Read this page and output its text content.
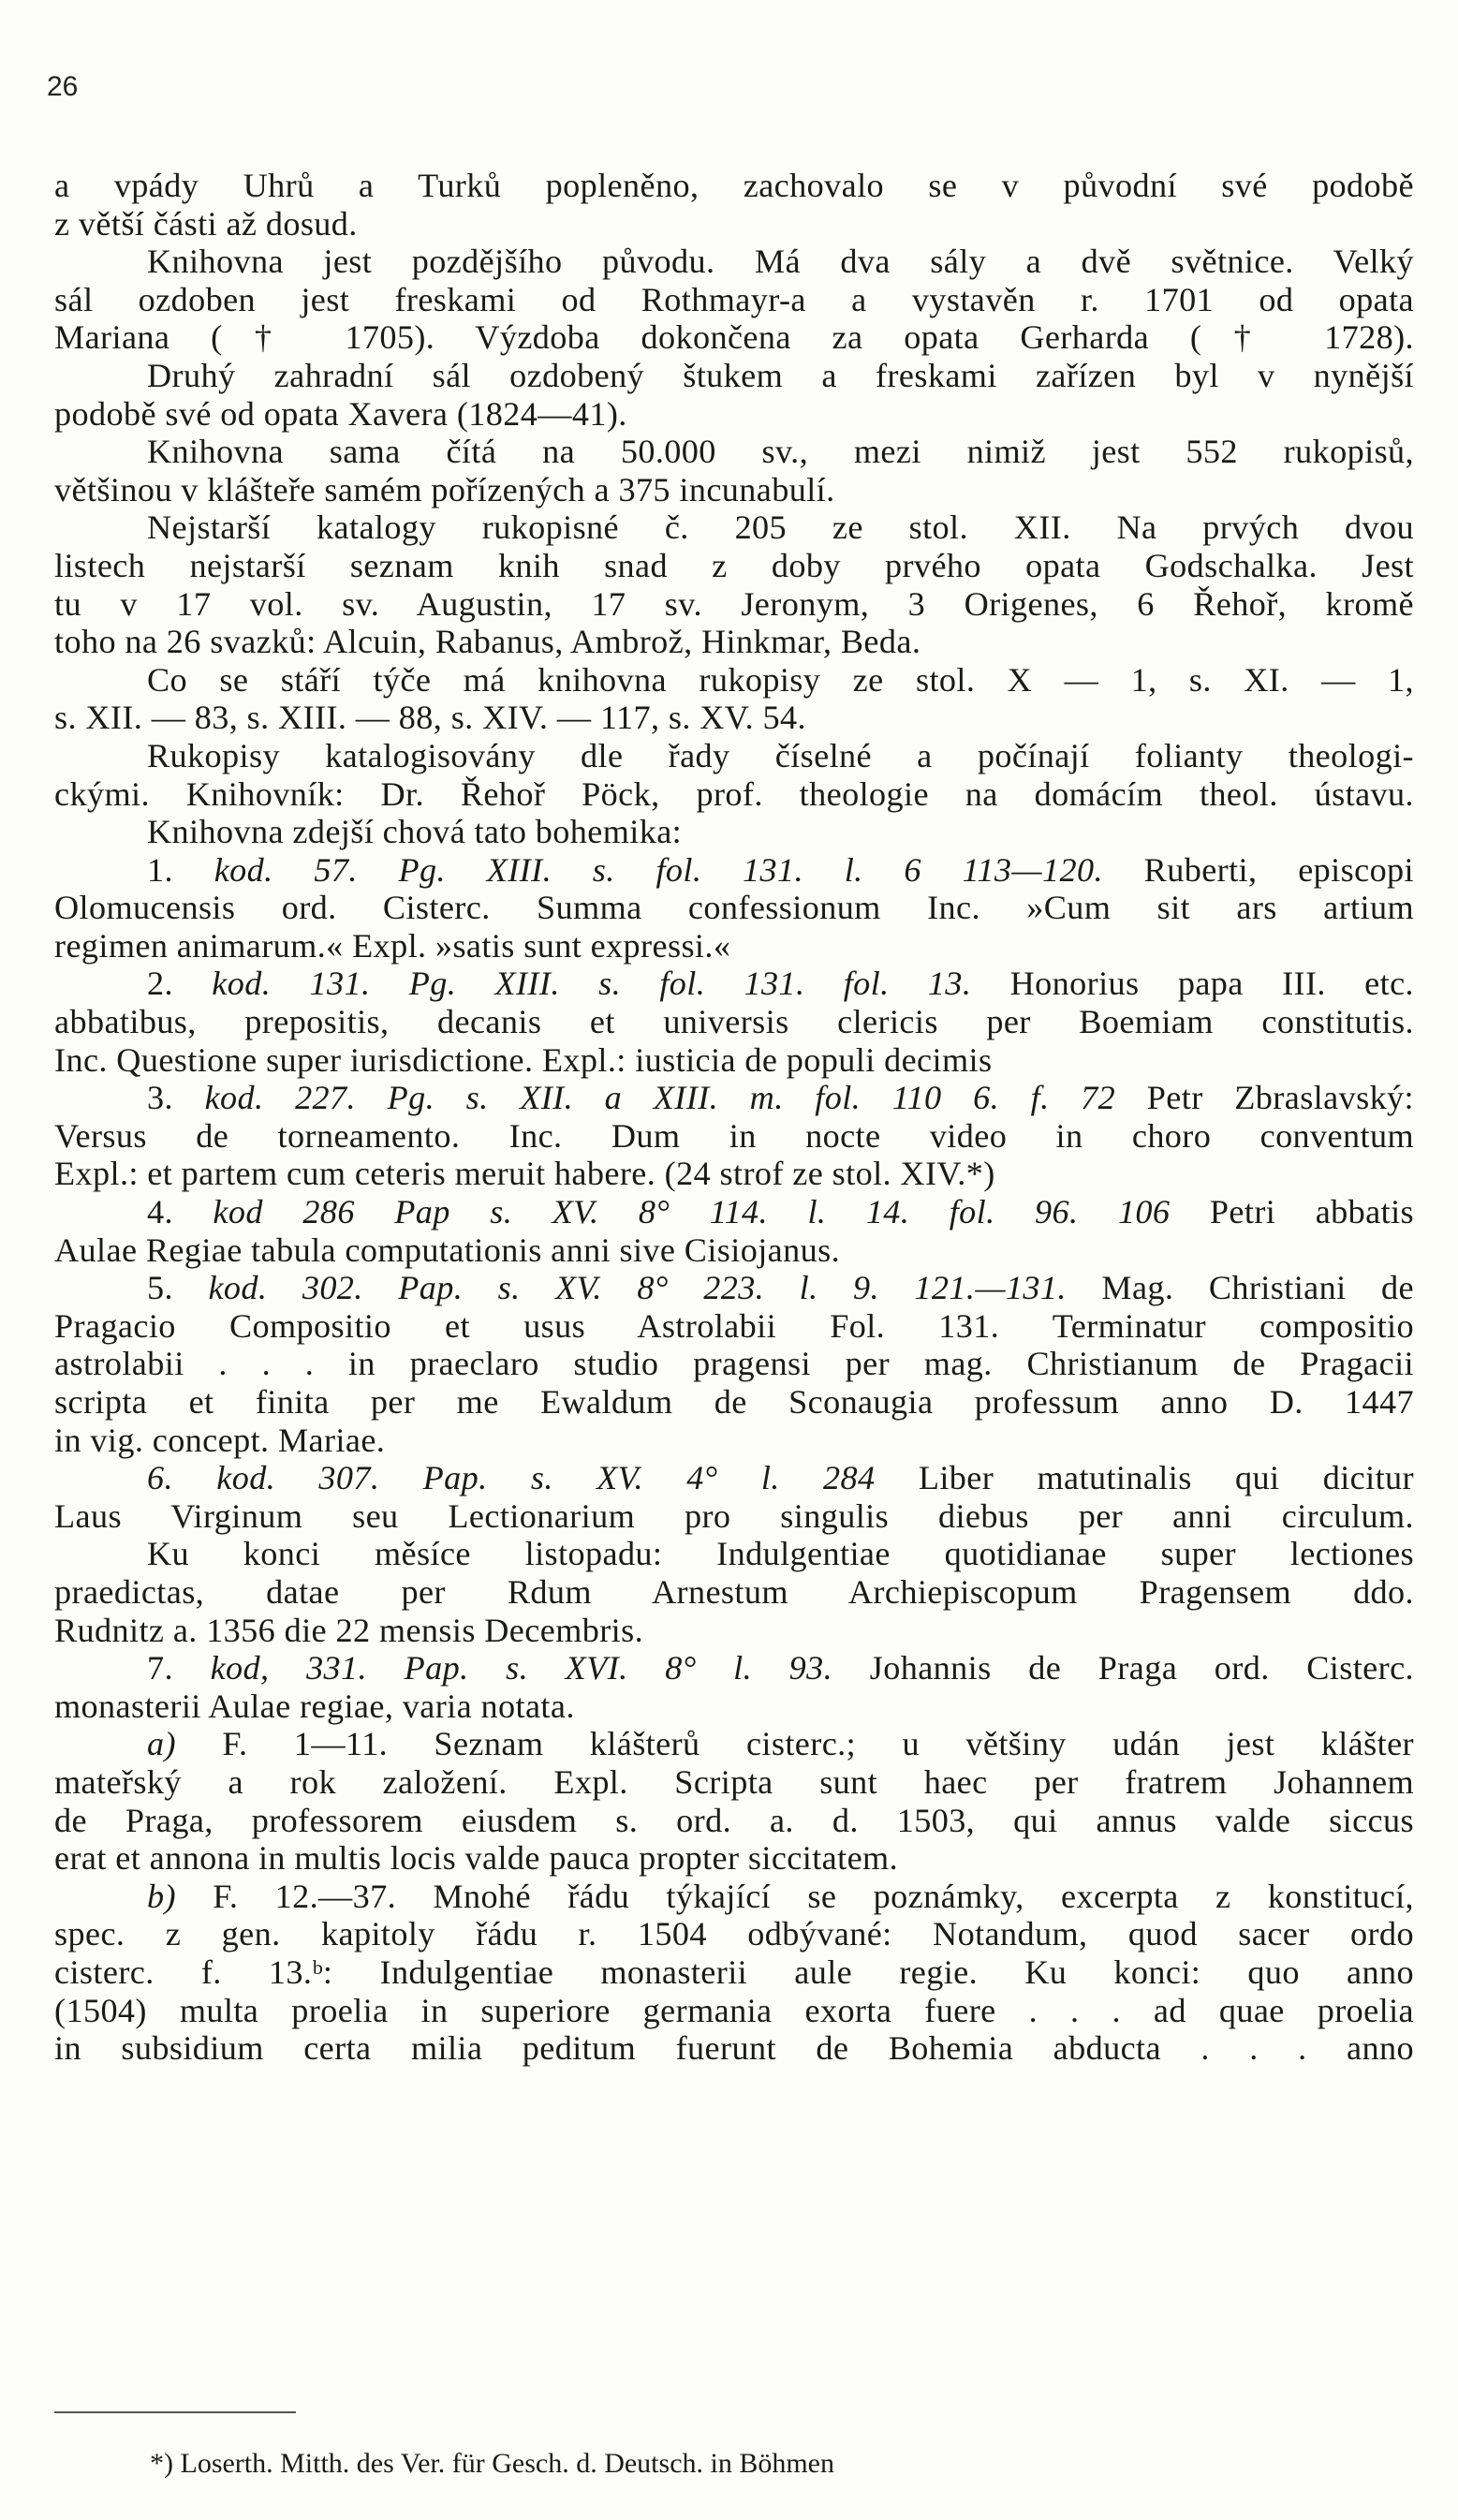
26
a vpády Uhrů a Turků popleněno, zachovalo se v původní své podobě
z větší části až dosud.
Knihovna jest pozdějšího původu. Má dva sály a dvě světnice. Velký
sál ozdoben jest freskami od Rothmayr-a a vystavěn r. 1701 od opata
Mariana († 1705). Výzdoba dokončena za opata Gerharda († 1728).
Druhý zahradní sál ozdobený štukem a freskami zařízen byl v nynější
podobě své od opata Xavera (1824—41).
Knihovna sama čítá na 50.000 sv., mezi nimiž jest 552 rukopisů,
většinou v klášteře samém pořízených a 375 incunabulí.
Nejstarší katalogy rukopisné č. 205 ze stol. XII. Na prvých dvou
listech nejstarší seznam knih snad z doby prvého opata Godschalka. Jest
tu v 17 vol. sv. Augustin, 17 sv. Jeronym, 3 Origenes, 6 Řehoř, kromě
toho na 26 svazků: Alcuin, Rabanus, Ambrož, Hinkmar, Beda.
Co se stáří týče má knihovna rukopisy ze stol. X — 1, s. XI. — 1,
s. XII. — 83, s. XIII. — 88, s. XIV. — 117, s. XV. 54.
Rukopisy katalogisovány dle řady číselné a počínají folianty theologi-
ckými. Knihovník: Dr. Řehoř Pöck, prof. theologie na domácím theol. ústavu.
Knihovna zdejší chová tato bohemika:
1. kod. 57. Pg. XIII. s. fol. 131. l. 6 113—120. Ruberti, episcopi
Olomucensis ord. Cisterc. Summa confessionum Inc. »Cum sit ars artium
regimen animarum.« Expl. »satis sunt expressi.«
2. kod. 131. Pg. XIII. s. fol. 131. fol. 13. Honorius papa III. etc.
abbatibus, prepositis, decanis et universis clericis per Boemiam constitutis.
Inc. Questione super iurisdictione. Expl.: iusticia de populi decimis
3. kod. 227. Pg. s. XII. a XIII. m. fol. 110 6. f. 72 Petr Zbraslavský:
Versus de torneamento. Inc. Dum in nocte video in choro conventum
Expl.: et partem cum ceteris meruit habere. (24 strof ze stol. XIV.*)
4. kod 286 Pap s. XV. 8° 114. l. 14. fol. 96. 106 Petri abbatis
Aulae Regiae tabula computationis anni sive Cisiojanus.
5. kod. 302. Pap. s. XV. 8° 223. l. 9. 121.—131. Mag. Christiani de
Pragacio Compositio et usus Astrolabii Fol. 131. Terminatur compositio
astrolabii . . . in praeclaro studio pragensi per mag. Christianum de Pragacii
scripta et finita per me Ewaldum de Sconaugia professum anno D. 1447
in vig. concept. Mariae.
6. kod. 307. Pap. s. XV. 4° l. 284 Liber matutinalis qui dicitur
Laus Virginum seu Lectionarium pro singulis diebus per anni circulum.
Ku konci měsíce listopadu: Indulgentiae quotidianae super lectiones
praedictas, datae per Rdum Arnestum Archiepiscopum Pragensem ddo.
Rudnitz a. 1356 die 22 mensis Decembris.
7. kod, 331. Pap. s. XVI. 8° l. 93. Johannis de Praga ord. Cisterc.
monasterii Aulae regiae, varia notata.
a) F. 1—11. Seznam klášterů cisterc.; u většiny udán jest klášter
mateřský a rok založení. Expl. Scripta sunt haec per fratrem Johannem
de Praga, professorem eiusdem s. ord. a. d. 1503, qui annus valde siccus
erat et annona in multis locis valde pauca propter siccitatem.
b) F. 12.—37. Mnohé řádu týkající se poznámky, excerpta z konstitucí,
spec. z gen. kapitoly řádu r. 1504 odbývané: Notandum, quod sacer ordo
cisterc. f. 13.ᵇ: Indulgentiae monasterii aule regie. Ku konci: quo anno
(1504) multa proelia in superiore germania exorta fuere . . . ad quae proelia
in subsidium certa milia peditum fuerunt de Bohemia abducta . . . anno
*) Loserth. Mitth. des Ver. für Gesch. d. Deutsch. in Böhmen
